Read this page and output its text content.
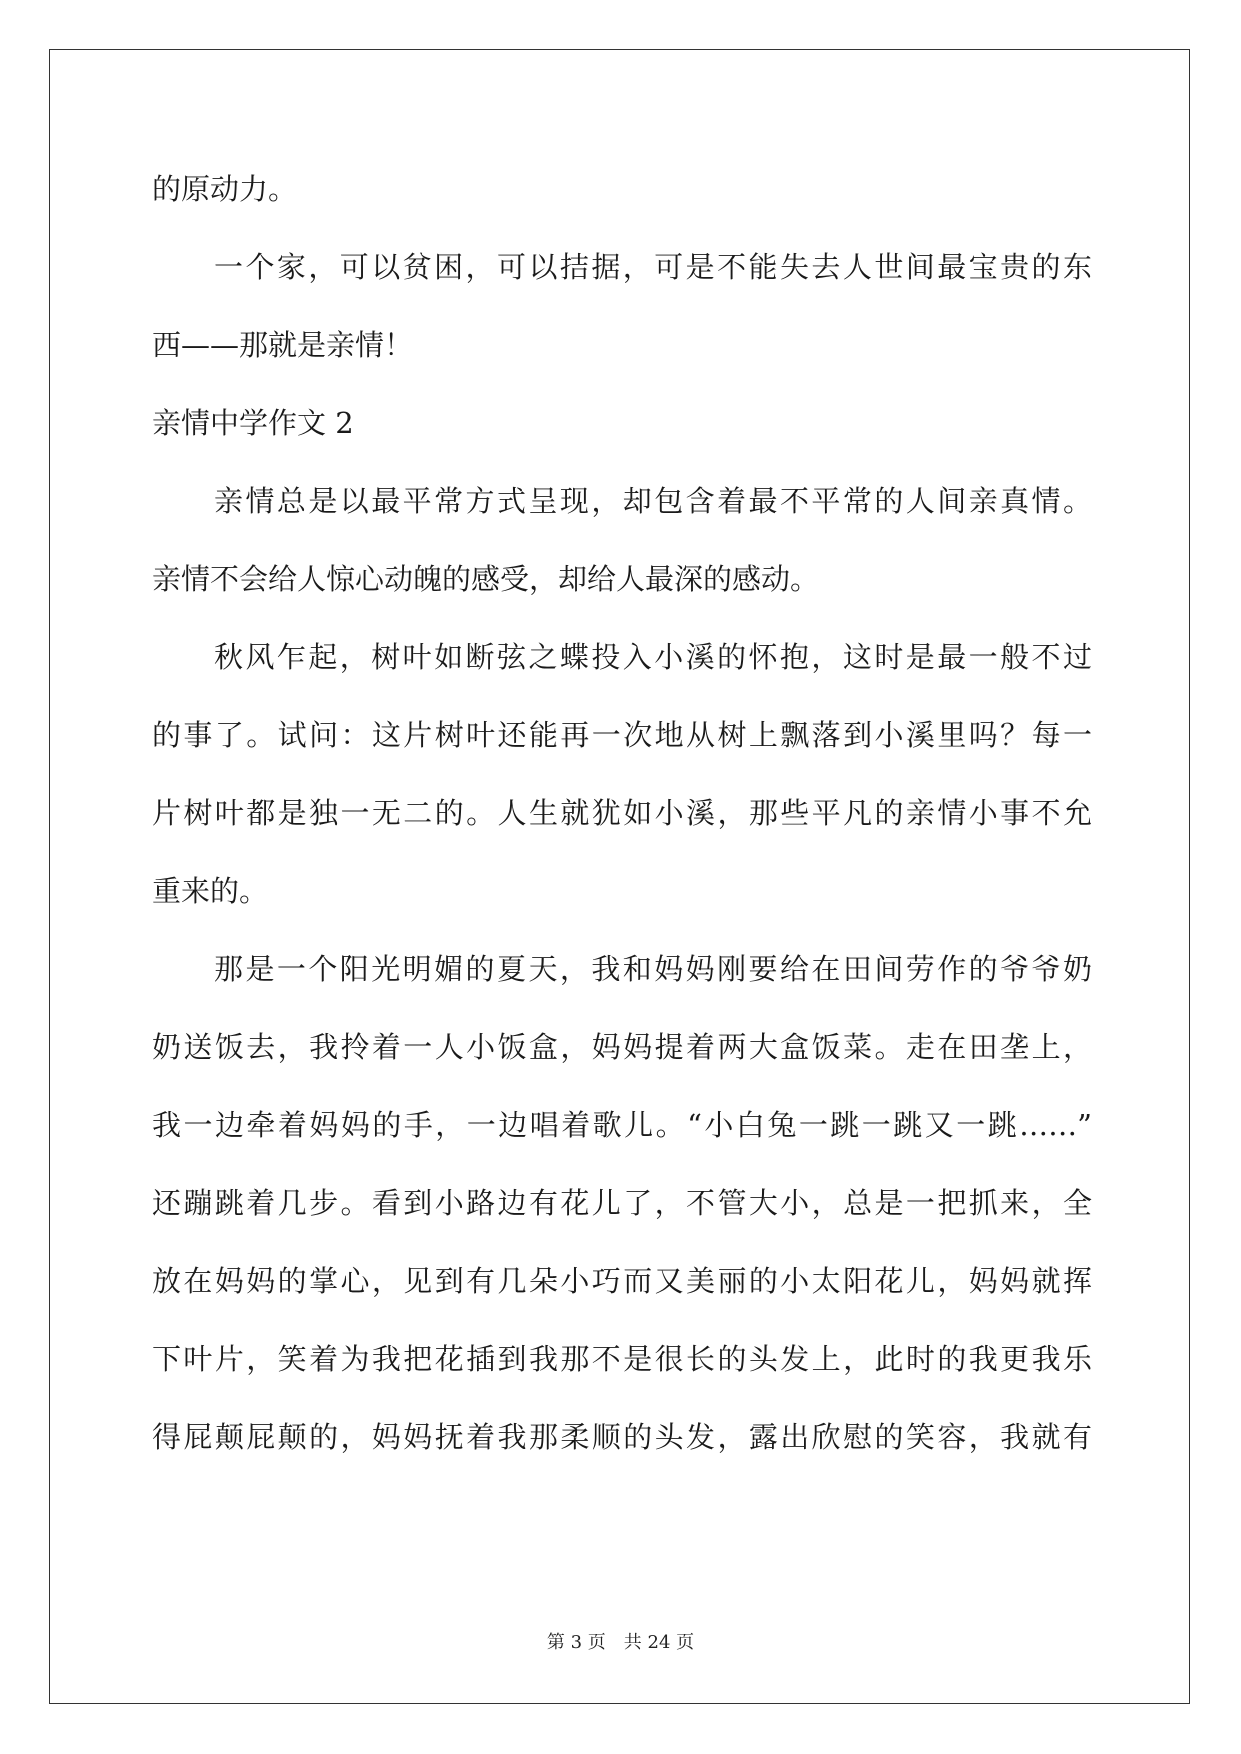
的原动力。
一个家，可以贫困，可以拮据，可是不能失去人世间最宝贵的东
西——那就是亲情！
亲情中学作文 2
亲情总是以最平常方式呈现，却包含着最不平常的人间亲真情。
亲情不会给人惊心动魄的感受，却给人最深的感动。
秋风乍起，树叶如断弦之蝶投入小溪的怀抱，这时是最一般不过
的事了。试问：这片树叶还能再一次地从树上飘落到小溪里吗？每一
片树叶都是独一无二的。人生就犹如小溪，那些平凡的亲情小事不允
重来的。
那是一个阳光明媚的夏天，我和妈妈刚要给在田间劳作的爷爷奶
奶送饭去，我拎着一人小饭盒，妈妈提着两大盒饭菜。走在田垄上，
我一边牵着妈妈的手，一边唱着歌儿。“小白兔一跳一跳又一跳……”
还蹦跳着几步。看到小路边有花儿了，不管大小，总是一把抓来，全
放在妈妈的掌心，见到有几朵小巧而又美丽的小太阳花儿，妈妈就挥
下叶片，笑着为我把花插到我那不是很长的头发上，此时的我更我乐
得屁颠屁颠的，妈妈抚着我那柔顺的头发，露出欣慰的笑容，我就有
第 3 页 共 24 页
